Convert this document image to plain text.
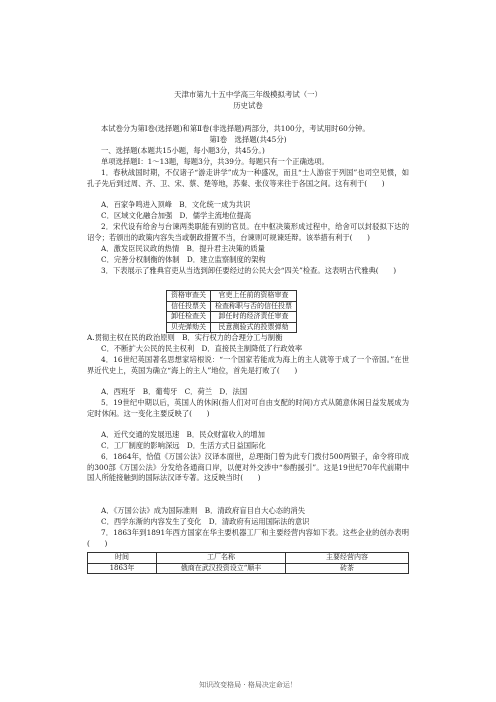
天津市第九十五中学高三年级模拟考试（一）
历史试卷
本试卷分为第Ⅰ卷(选择题)和第Ⅱ卷(非选择题)两部分，共100分，考试用时60分钟。
第Ⅰ卷　选择题(共45分)
一、选择题(本题共15小题，每小题3分，共45分。)
单项选择题Ⅰ：1～13题，每题3分，共39分。每题只有一个正确选项。
1．春秋战国时期，不仅诸子“游走讲学”成为一种盛况，而且“士人游宦于列国”也司空见惯，如孔子先后到过周、齐、卫、宋、蔡、楚等地，苏秦、张仪等来往于各国之间。这有利于(　　)
A．百家争鸣进入顶峰　B．文化统一成为共识
C．区域文化融合加强　D．儒学主流地位提高
2．宋代设有给舍与台谏两类职能有别的官员。在中枢决策形成过程中，给舍可以封驳拟下达的诏令；若颁出的政策内容失当或朝政措置不当，台谏则可规谏廷辩。该举措有利于(　　)
A．激发臣民议政的热情　B．提升君主决策的质量
C．完善分权制衡的体制　D．建立监察制度的架构
3．下表展示了雅典官吏从当选到卸任要经过的公民大会“四关”检查。这表明古代雅典(　　)
资格审查关	官吏上任前的资格审查
信任投票关	检查称职与否的信任投票
卸任检查关	卸任时的经济责任审查
贝壳弹劾关	民意测验式的投票弹劾
A.贯彻主权在民的政治原则　B．实行权力的合理分工与制衡
C．不断扩大公民的民主权利　D．直接民主制降低了行政效率
4．16世纪英国著名思想家培根说：“一个国家若能成为海上的主人就等于成了一个帝国。”在世界近代史上，英国为确立“海上的主人”地位，首先是打败了(　　)
A．西班牙　B．葡萄牙　C．荷兰　D．法国
5．19世纪中期以后，英国人的休闲(指人们对可自由支配的时间)方式从随意休闲日益发展成为定时休闲。这一变化主要反映了(　　)
A．近代交通的发展迅速　B．民众财富收入的增加
C．工厂制度的影响深远　D．生活方式日益国际化
6．1864年，恰值《万国公法》汉译本面世，总理衙门曾为此专门拨付500两银子，命令将印成的300部《万国公法》分发给各通商口岸，以便对外交涉中“参酌援引”。这是19世纪70年代前期中国人所能接触到的国际法汉译专著。这反映当时(　　)
A．《万国公法》成为国际准则　B．清政府盲目自大心态的消失
C．西学东渐的内容发生了变化　D．清政府有运用国际法的意识
7．1863年到1891年西方国家在华主要机器工厂和主要经营内容如下表。这些企业的创办表明(　　)
时间	工厂名称	主要经营内容
1863年	俄商在武汉投资设立“顺丰	砖茶
知识改变格局 · 格局决定命运！
